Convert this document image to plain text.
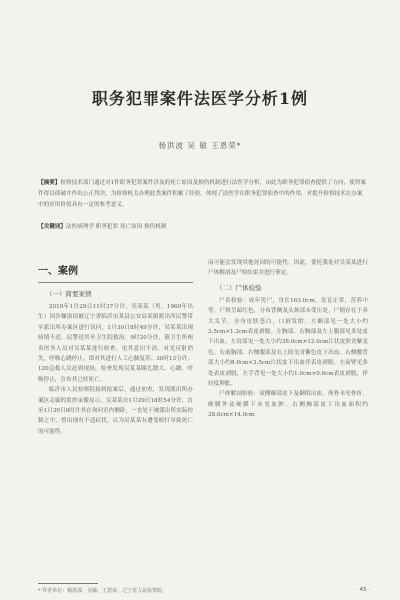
职务犯罪案件法医学分析1例
杨洪波 吴 敏 王恩荣*
【摘要】检察技术部门通过对1件职务犯罪案件涉及的死亡原因及损伤机制进行法医学分析，由此为职务犯罪侦查提供了方向，使得案件得以侦破并作出公正判决，为检察机关办理此类案件积累了经验，体现了法医学在职务犯罪侦查中的作用，对提升检察技术在办案中的应用价值具有一定的参考意义。
【关键词】法医病理学 职务犯罪 死亡原因 损伤机制
一、案例
（一）简要案情

2019年1月29日11时37分许，吴某某（男，1960年出生）因涉嫌盗窃被辽宁省临沂市某县公安局某镇派出所民警带至派出所办案区进行讯问。1月30日8时49分许，吴某某出现病情不适，民警送其至卫生院救治。9时20分许，镇卫生所两名医务人员对吴某某进行检查，见其意识不清、对光反射消失，呼吸心跳停止，即对其进行人工心肺复苏；30时13分许，120急救人员赶到现场，检查发现吴某某瞳孔散大、心跳、呼吸停止，宣布其已经死亡。

临沂市人民检察院接到报案后，通过初查，发现派出所办案区走廊的监控录像显示，吴某某自1月29日18时54分许，直至1月30日9时许其在询问室内侧卧，一直处于被派出所实际控制之中，曾出现有不适症状，认为吴某某有遭受殴打导致死亡的可能性。

而可能会发现其他死因的可能性。因此，委托我处对吴某某进行尸体解剖及尸检结果并进行鉴定。

（二）尸体检验

尸表检验：成年男尸，身长163.0cm，发育正常，营养中等，尸斑呈暗红色，分布背侧及头颈部未受压处，尸僵存在于各大关节，全身皮肤苍白，口唇发绀。左颞部见一处大小约3.5cm×1.2cm表皮剥脱。左胸部、右胸部及左上腹部见多处皮下出血。左肩部见一处大小约38.0cm×12.0cm片状皮肤青紫变色。右前胸部、右侧腹部及右上肢见青紫色皮下出血。右侧腰背部大小约8.0cm×3.5cm片状皮下出血伴表皮剥脱。左前臂见多处表皮剥脱，左手背见一处大小约1.0cm×0.6cm表皮剥脱，伴轻度肿胀。

尸体解剖检验：双侧颞部皮下及颞肌出血，颅骨未见骨折，硬膜外及硬膜下未见血肿。右侧胸部皮下出血面积约28.0cm×14.0cm。

* 作者单位：杨洪波、吴敏、王恩荣，辽宁省人民检察院。	· 45 ·
